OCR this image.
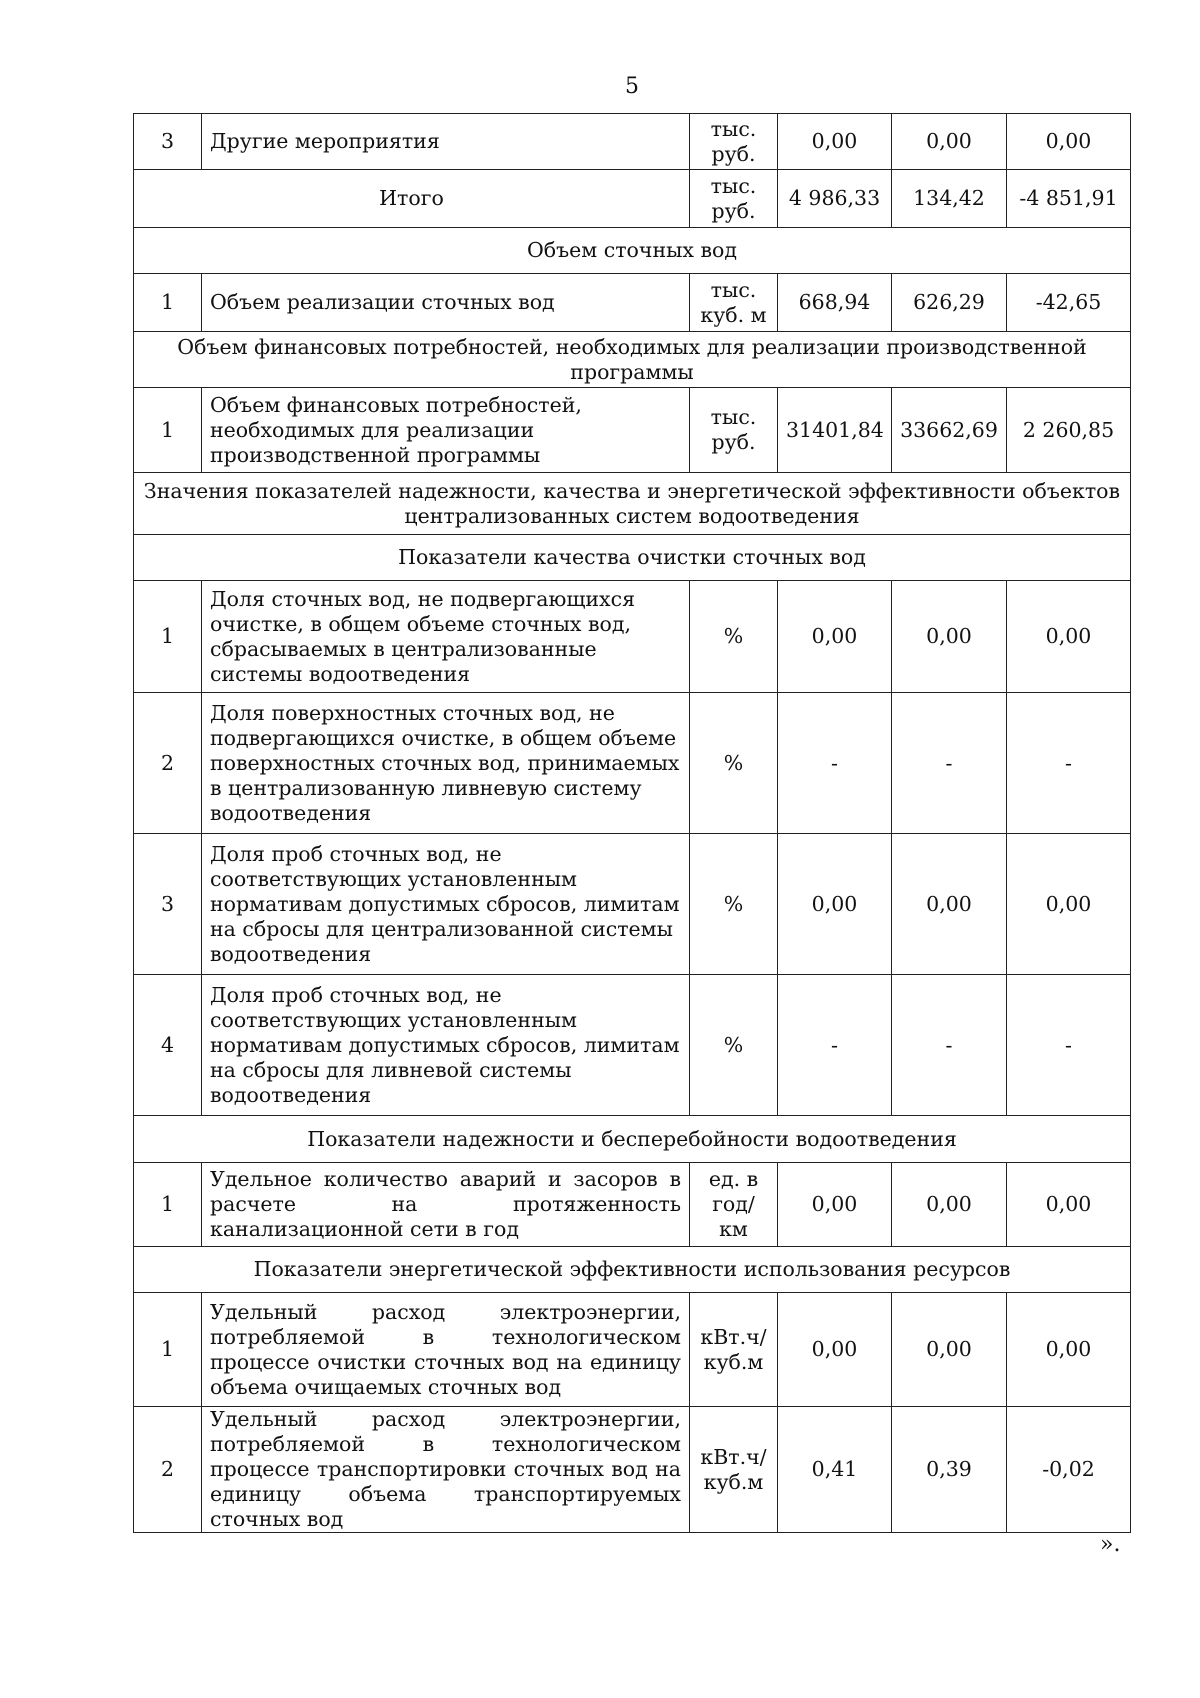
5
3	Другие мероприятия	тыс. руб.	0,00	0,00	0,00
Итого		тыс. руб.	4 986,33	134,42	-4 851,91
Объем сточных вод					
1	Объем реализации сточных вод	тыс. куб. м	668,94	626,29	-42,65
Объем финансовых потребностей, необходимых для реализации производственной программы					
1	Объем финансовых потребностей, необходимых для реализации производственной программы	тыс. руб.	31401,84	33662,69	2 260,85
Значения показателей надежности, качества и энергетической эффективности объектов централизованных систем водоотведения					
Показатели качества очистки сточных вод					
1	Доля сточных вод, не подвергающихся очистке, в общем объеме сточных вод, сбрасываемых в централизованные системы водоотведения	%	0,00	0,00	0,00
2	Доля поверхностных сточных вод, не подвергающихся очистке, в общем объеме поверхностных сточных вод, принимаемых в централизованную ливневую систему водоотведения	%	-	-	-
3	Доля проб сточных вод, не соответствующих установленным нормативам допустимых сбросов, лимитам на сбросы для централизованной системы водоотведения	%	0,00	0,00	0,00
4	Доля проб сточных вод, не соответствующих установленным нормативам допустимых сбросов, лимитам на сбросы для ливневой системы водоотведения	%	-	-	-
Показатели надежности и бесперебойности водоотведения					
1	Удельное количество аварий и засоров в расчете на протяженность канализационной сети в год	ед. в год/ км	0,00	0,00	0,00
Показатели энергетической эффективности использования ресурсов					
1	Удельный расход электроэнергии, потребляемой в технологическом процессе очистки сточных вод на единицу объема очищаемых сточных вод	кВт.ч/ куб.м	0,00	0,00	0,00
2	Удельный расход электроэнергии, потребляемой в технологическом процессе транспортировки сточных вод на единицу объема транспортируемых сточных вод	кВт.ч/ куб.м	0,41	0,39	-0,02
».
